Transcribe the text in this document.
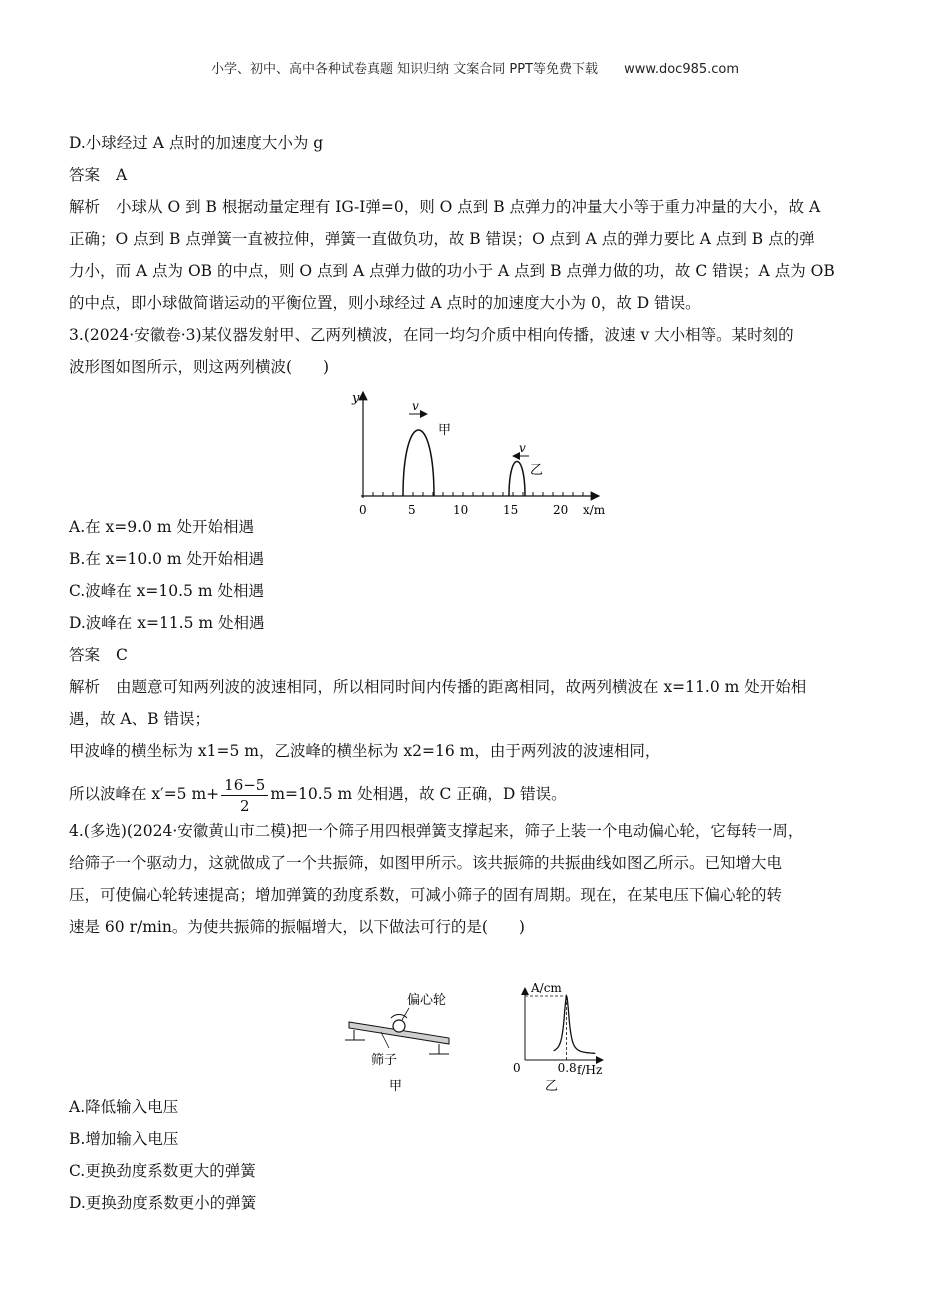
小学、初中、高中各种试卷真题 知识归纳 文案合同 PPT等免费下载 www.doc985.com
D.小球经过 A 点时的加速度大小为 g
答案 A
解析 小球从 O 到 B 根据动量定理有 IG-I弹=0，则 O 点到 B 点弹力的冲量大小等于重力冲量的大小，故 A
正确；O 点到 B 点弹簧一直被拉伸，弹簧一直做负功，故 B 错误；O 点到 A 点的弹力要比 A 点到 B 点的弹
力小，而 A 点为 OB 的中点，则 O 点到 A 点弹力做的功小于 A 点到 B 点弹力做的功，故 C 错误；A 点为 OB
的中点，即小球做简谐运动的平衡位置，则小球经过 A 点时的加速度大小为 0，故 D 错误。
3.(2024·安徽卷·3)某仪器发射甲、乙两列横波，在同一均匀介质中相向传播，波速 v 大小相等。某时刻的
波形图如图所示，则这两列横波(　　)
y
x/m
0	5	10	15	20
甲
乙
v
v
A.在 x=9.0 m 处开始相遇
B.在 x=10.0 m 处开始相遇
C.波峰在 x=10.5 m 处相遇
D.波峰在 x=11.5 m 处相遇
答案 C
解析 由题意可知两列波的波速相同，所以相同时间内传播的距离相同，故两列横波在 x=11.0 m 处开始相
遇，故 A、B 错误；
甲波峰的横坐标为 x1=5 m，乙波峰的横坐标为 x2=16 m，由于两列波的波速相同，
所以波峰在 x′=5 $m+ \frac{16-5}{2} m=10.5$ m 处相遇，故 C 正确，D 错误。
4.(多选)(2024·安徽黄山市二模)把一个筛子用四根弹簧支撑起来，筛子上装一个电动偏心轮，它每转一周，
给筛子一个驱动力，这就做成了一个共振筛，如图甲所示。该共振筛的共振曲线如图乙所示。已知增大电
压，可使偏心轮转速提高；增加弹簧的劲度系数，可减小筛子的固有周期。现在，在某电压下偏心轮的转
速是 60 r/min。为使共振筛的振幅增大，以下做法可行的是(　　)
偏心轮
筛子
甲
A/cm
f/Hz
0	0.8
乙
A.降低输入电压
B.增加输入电压
C.更换劲度系数更大的弹簧
D.更换劲度系数更小的弹簧
